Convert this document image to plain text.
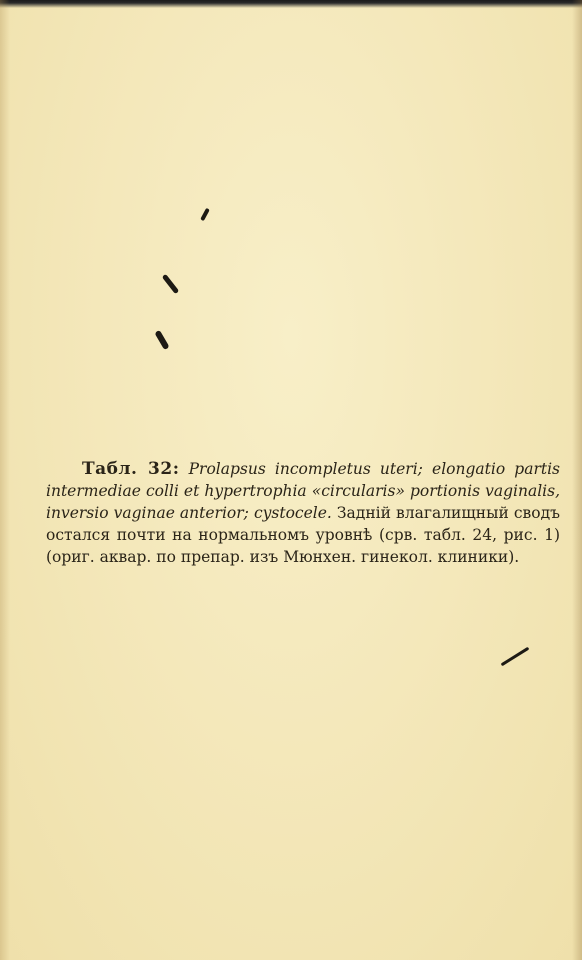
Табл. 32: Prolapsus incompletus uteri; elongatio partis intermediae colli et hypertrophia «circularis» portionis vaginalis, inversio vaginae anterior; cystocele. Задній влагалищный сводъ остался почти на нормальномъ уровнѣ (срв. табл. 24, рис. 1) (ориг. аквар. по препар. изъ Мюнхен. гинекол. клиники).
